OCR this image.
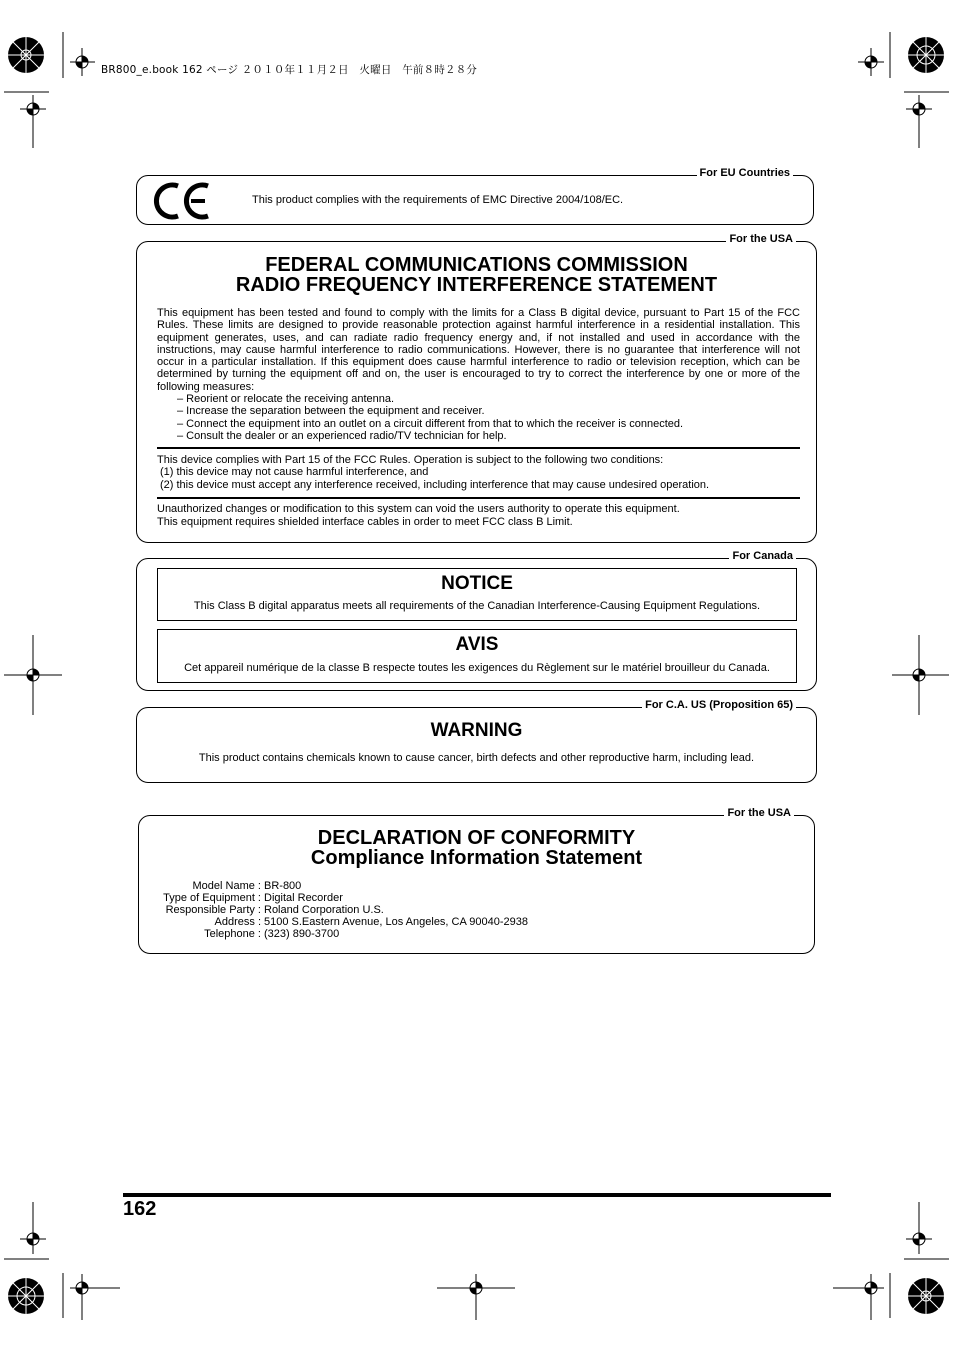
BR800_e.book 162 ページ ２０１０年１１月２日　火曜日　午前８時２８分
For EU Countries
This product complies with the requirements of EMC Directive 2004/108/EC.
For the USA
FEDERAL COMMUNICATIONS COMMISSION
RADIO FREQUENCY INTERFERENCE STATEMENT
This equipment has been tested and found to comply with the limits for a Class B digital device, pursuant to Part 15 of the FCC Rules. These limits are designed to provide reasonable protection against harmful interference in a residential installation. This equipment generates, uses, and can radiate radio frequency energy and, if not installed and used in accordance with the instructions, may cause harmful interference to radio communications. However, there is no guarantee that interference will not occur in a particular installation. If this equipment does cause harmful interference to radio or television reception, which can be determined by turning the equipment off and on, the user is encouraged to try to correct the interference by one or more of the following measures:
– Reorient or relocate the receiving antenna.
– Increase the separation between the equipment and receiver.
– Connect the equipment into an outlet on a circuit different from that to which the receiver is connected.
– Consult the dealer or an experienced radio/TV technician for help.
This device complies with Part 15 of the FCC Rules. Operation is subject to the following two conditions:
(1) this device may not cause harmful interference, and
(2) this device must accept any interference received, including interference that may cause undesired operation.
Unauthorized changes or modification to this system can void the users authority to operate this equipment.
This equipment requires shielded interface cables in order to meet FCC class B Limit.
For Canada
NOTICE
This Class B digital apparatus meets all requirements of the Canadian Interference-Causing Equipment Regulations.
AVIS
Cet appareil numérique de la classe B respecte toutes les exigences du Règlement sur le matériel brouilleur du Canada.
For C.A. US (Proposition 65)
WARNING
This product contains chemicals known to cause cancer, birth defects and other reproductive harm, including lead.
For the USA
DECLARATION OF CONFORMITY
Compliance Information Statement
Model Name : BR-800
Type of Equipment : Digital Recorder
Responsible Party : Roland Corporation U.S.
Address : 5100 S.Eastern Avenue, Los Angeles, CA 90040-2938
Telephone : (323) 890-3700
162
